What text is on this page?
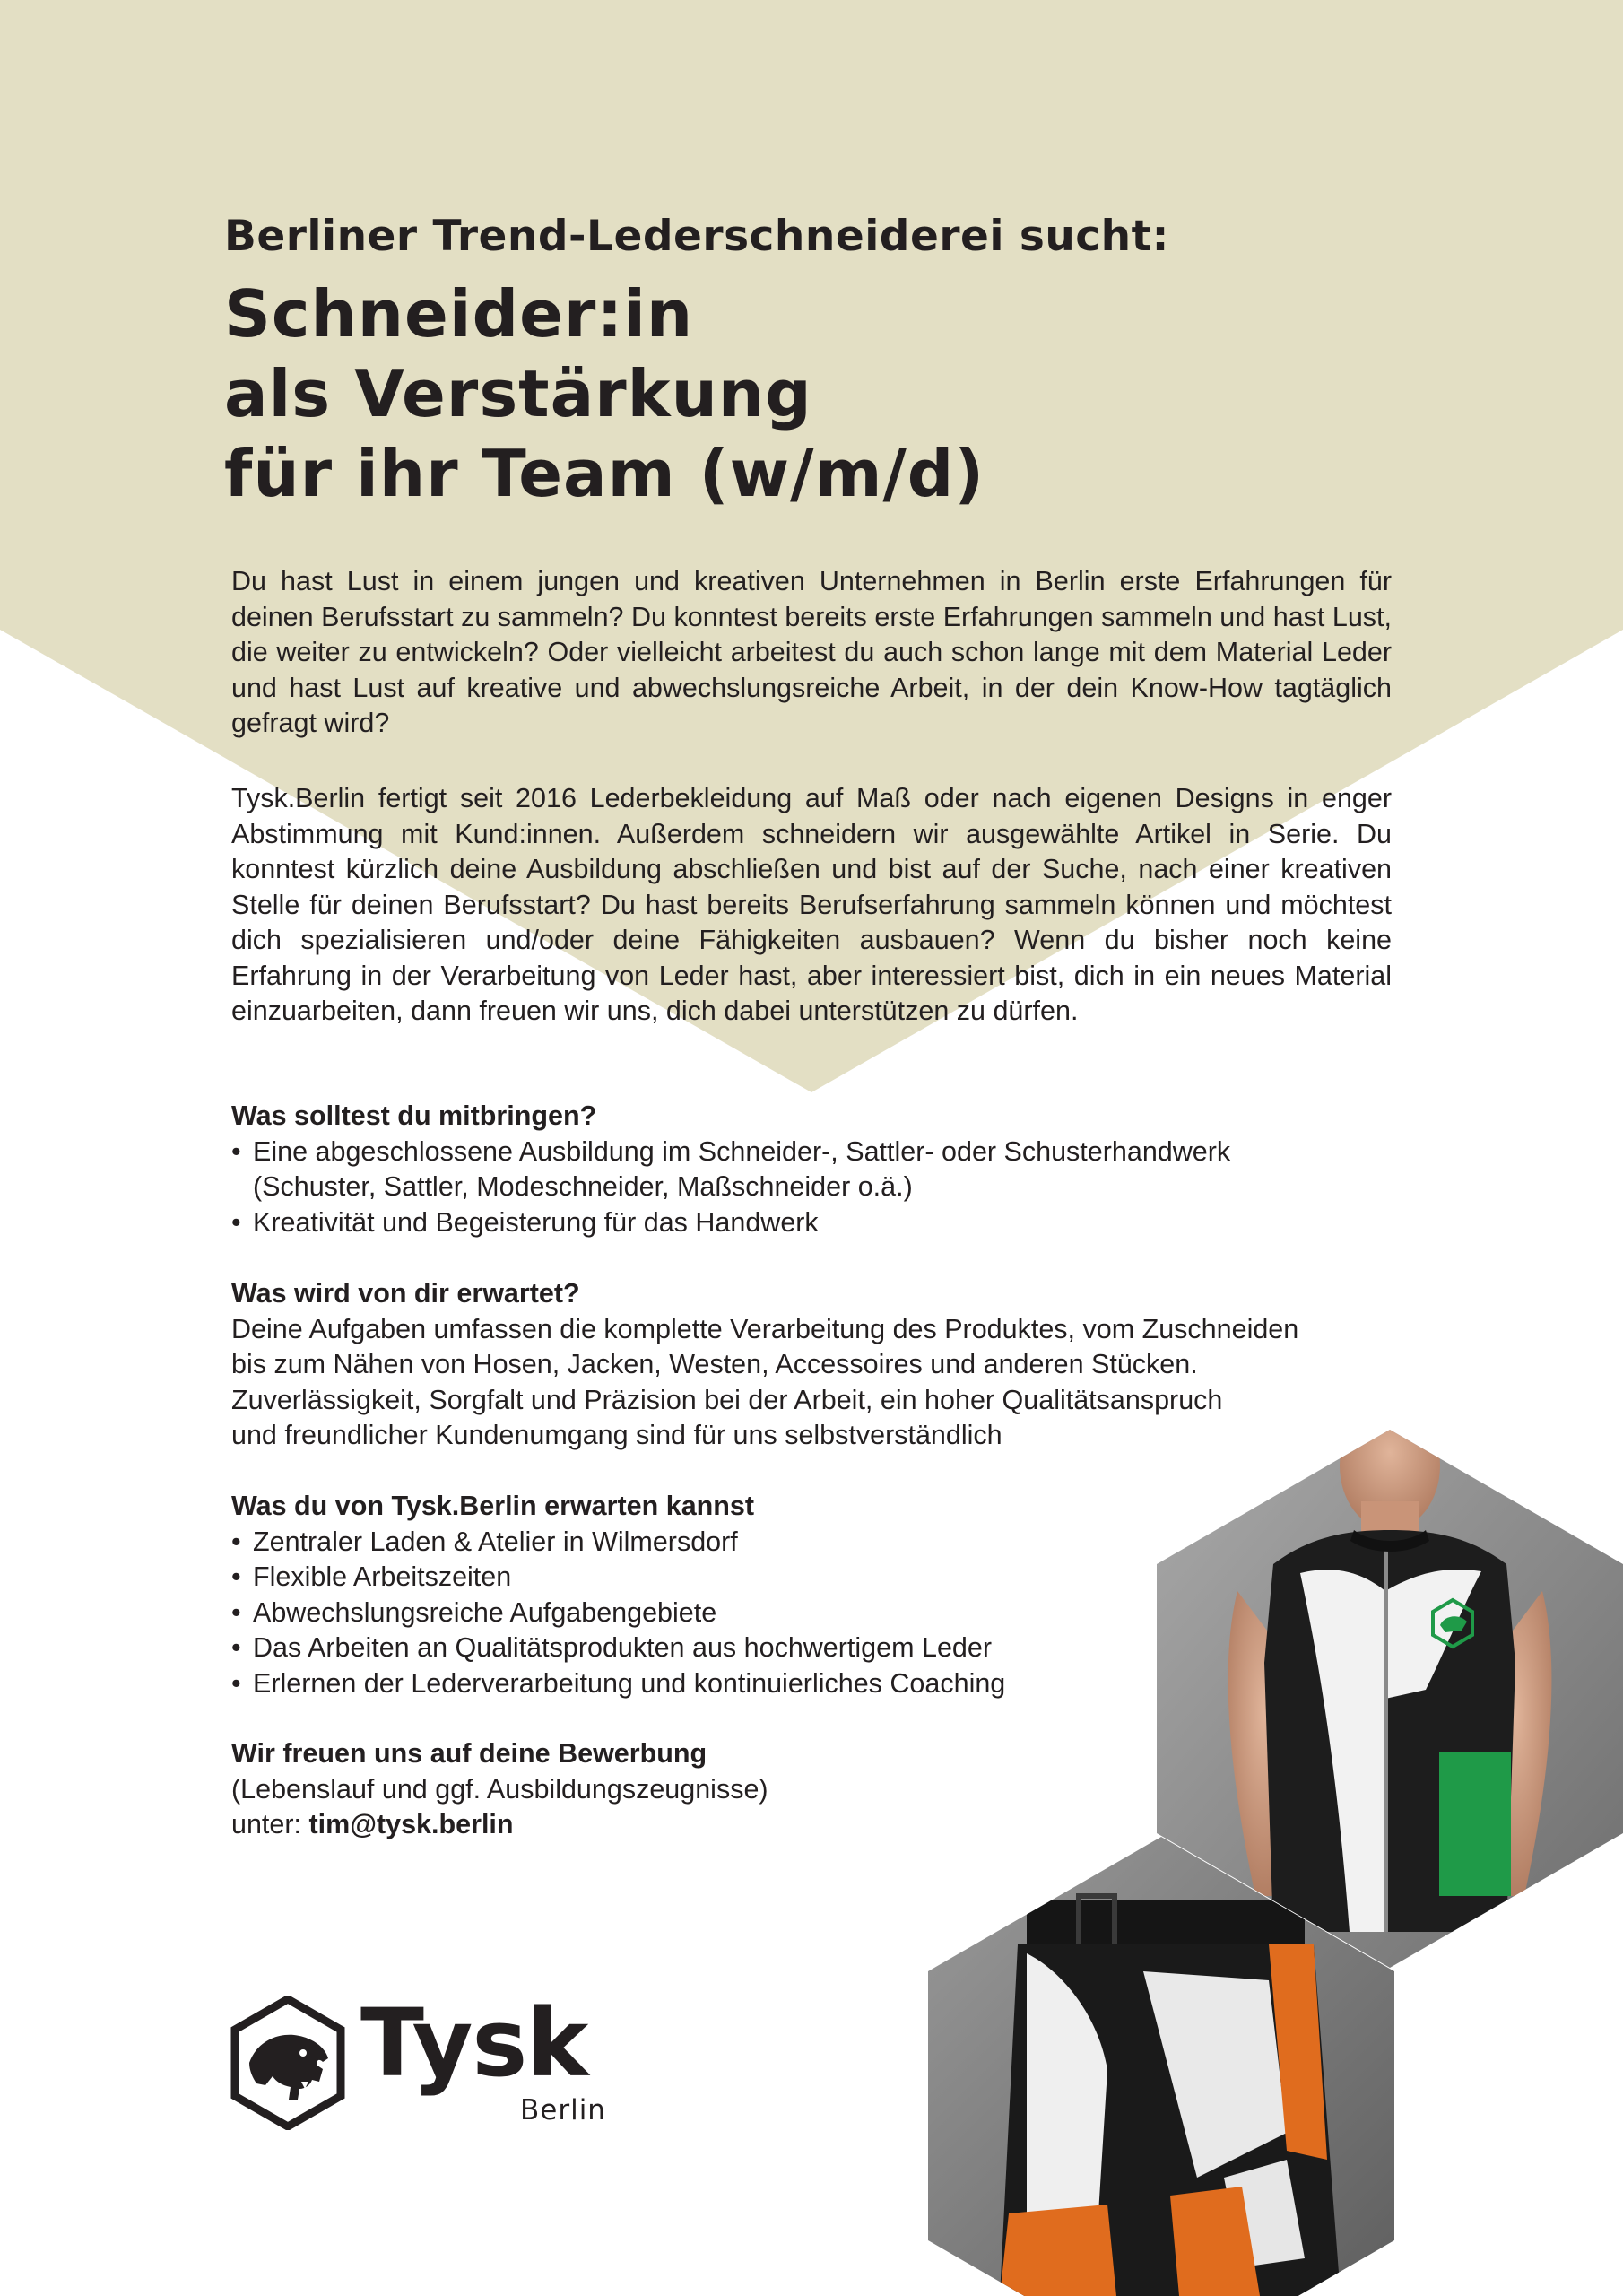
Berliner Trend-Lederschneiderei sucht:
Schneider:in
als Verstärkung
für ihr Team (w/m/d)

Du hast Lust in einem jungen und kreativen Unternehmen in Berlin erste Erfahrungen für deinen Berufsstart zu sammeln? Du konntest bereits erste Erfahrungen sammeln und hast Lust, die weiter zu entwickeln? Oder vielleicht arbeitest du auch schon lange mit dem Material Leder und hast Lust auf kreative und abwechslungsreiche Arbeit, in der dein Know-How tagtäglich gefragt wird?

Tysk.Berlin fertigt seit 2016 Lederbekleidung auf Maß oder nach eigenen Designs in enger Abstimmung mit Kund:innen. Außerdem schneidern wir ausgewählte Artikel in Serie. Du konntest kürzlich deine Ausbildung abschließen und bist auf der Suche, nach einer kreativen Stelle für deinen Berufsstart? Du hast bereits Berufserfahrung sammeln können und möchtest dich spezialisieren und/oder deine Fähigkeiten ausbauen? Wenn du bisher noch keine Erfahrung in der Verarbeitung von Leder hast, aber interessiert bist, dich in ein neues Material einzuarbeiten, dann freuen wir uns, dich dabei unterstützen zu dürfen.

Was solltest du mitbringen?
• Eine abgeschlossene Ausbildung im Schneider-, Sattler- oder Schusterhandwerk
(Schuster, Sattler, Modeschneider, Maßschneider o.ä.)
• Kreativität und Begeisterung für das Handwerk
Was wird von dir erwartet?

Deine Aufgaben umfassen die komplette Verarbeitung des Produktes, vom Zuschneiden

bis zum Nähen von Hosen, Jacken, Westen, Accessoires und anderen Stücken.

Zuverlässigkeit, Sorgfalt und Präzision bei der Arbeit, ein hoher Qualitätsanspruch

und freundlicher Kundenumgang sind für uns selbstverständlich

Was du von Tysk.Berlin erwarten kannst
• Zentraler Laden & Atelier in Wilmersdorf
• Flexible Arbeitszeiten
• Abwechslungsreiche Aufgabengebiete
• Das Arbeiten an Qualitätsprodukten aus hochwertigem Leder
• Erlernen der Lederverarbeitung und kontinuierliches Coaching
Wir freuen uns auf deine Bewerbung

(Lebenslauf und ggf. Ausbildungszeugnisse)

unter: tim@tysk.berlin

Tysk
Berlin
